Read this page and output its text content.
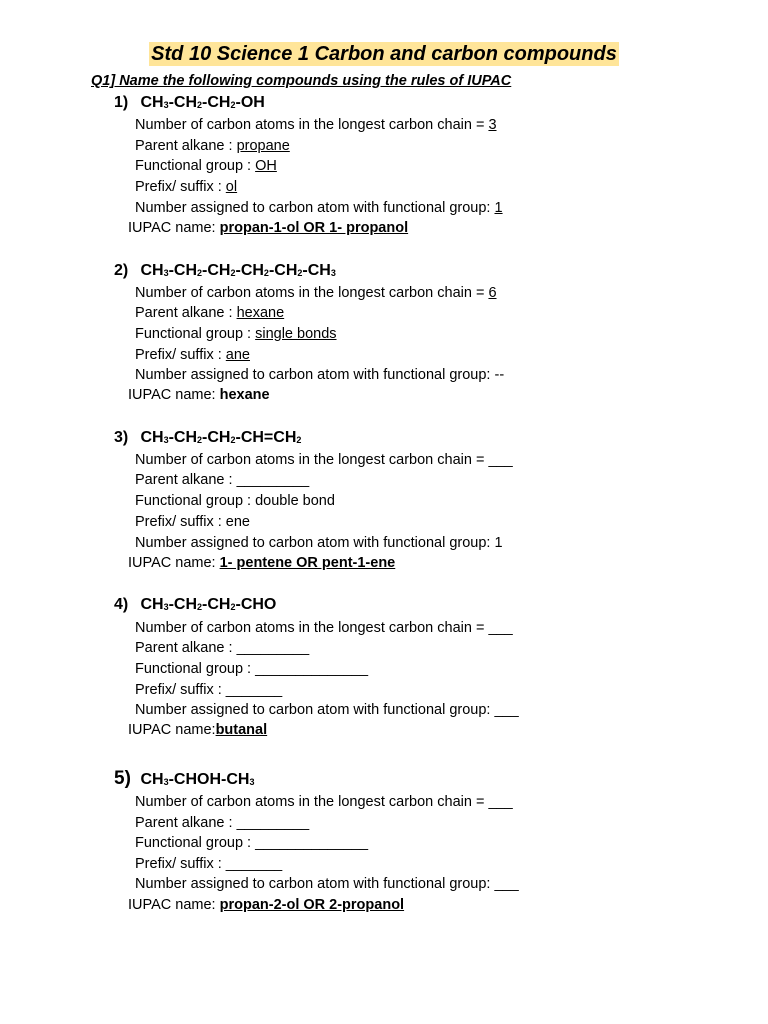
Std 10 Science 1 Carbon and carbon compounds
Q1] Name the following compounds using the rules of IUPAC
1) $CH_3-CH_2-CH_2-OH$
Number of carbon atoms in the longest carbon chain = 3
Parent alkane : propane
Functional group : OH
Prefix/ suffix : ol
Number assigned to carbon atom with functional group: 1
IUPAC name: propan-1-ol OR 1- propanol
2) $CH_3-CH_2-CH_2-CH_2-CH_2-CH_3$
Number of carbon atoms in the longest carbon chain = 6
Parent alkane : hexane
Functional group : single bonds
Prefix/ suffix : ane
Number assigned to carbon atom with functional group: --
IUPAC name: hexane
3) $CH_3-CH_2-CH_2-CH=CH_2$
Number of carbon atoms in the longest carbon chain = ___
Parent alkane : _________
Functional group : double bond
Prefix/ suffix : ene
Number assigned to carbon atom with functional group: 1
IUPAC name: 1- pentene OR pent-1-ene
4) $CH_3-CH_2-CH_2$-CHO
Number of carbon atoms in the longest carbon chain = ___
Parent alkane : _________
Functional group : ______________
Prefix/ suffix : _______
Number assigned to carbon atom with functional group: ___
IUPAC name:butanal
5) $CH_3-CHOH-CH_3$
Number of carbon atoms in the longest carbon chain = ___
Parent alkane : _________
Functional group : ______________
Prefix/ suffix : _______
Number assigned to carbon atom with functional group: ___
IUPAC name: propan-2-ol OR 2-propanol
